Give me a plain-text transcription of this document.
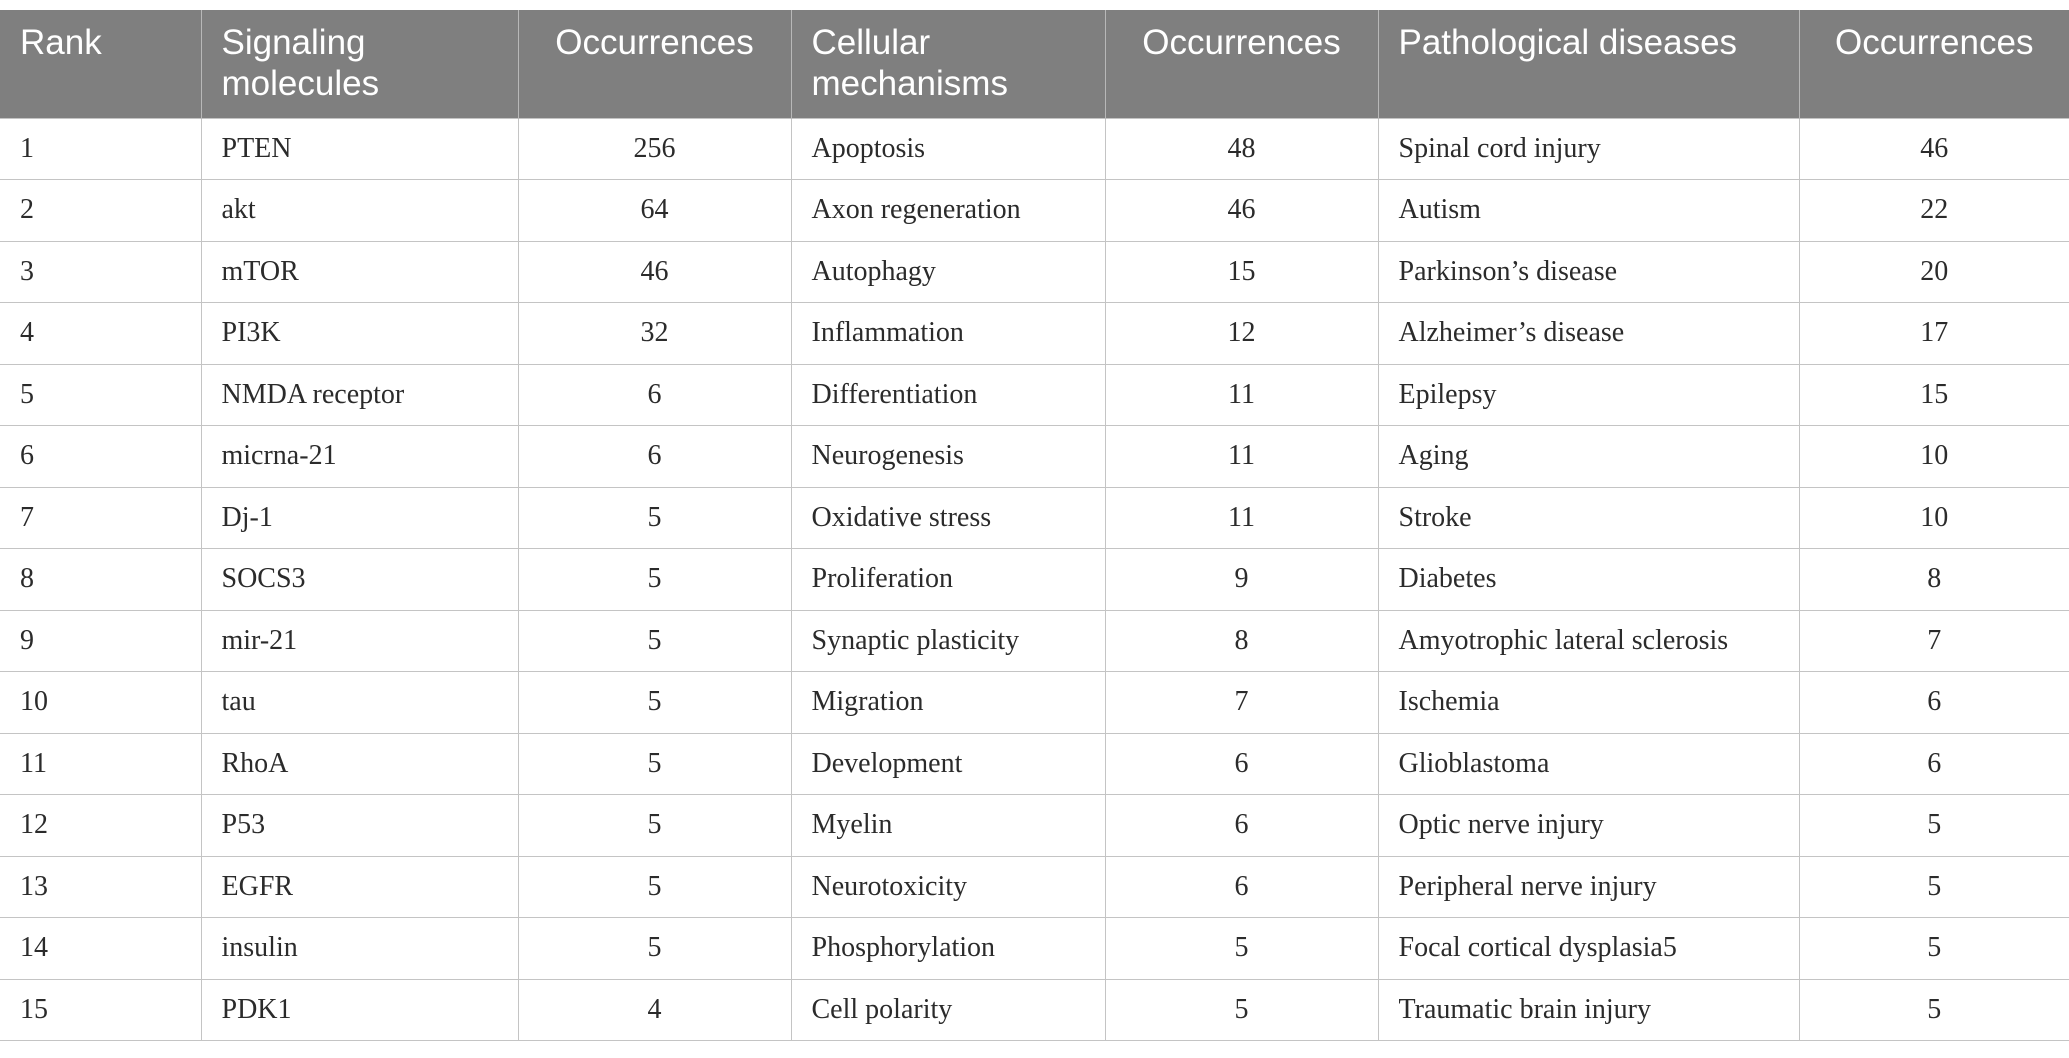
Rank	Signaling molecules	Occurrences	Cellular mechanisms	Occurrences	Pathological diseases	Occurrences
1	PTEN	256	Apoptosis	48	Spinal cord injury	46
2	akt	64	Axon regeneration	46	Autism	22
3	mTOR	46	Autophagy	15	Parkinson’s disease	20
4	PI3K	32	Inflammation	12	Alzheimer’s disease	17
5	NMDA receptor	6	Differentiation	11	Epilepsy	15
6	micrna-21	6	Neurogenesis	11	Aging	10
7	Dj-1	5	Oxidative stress	11	Stroke	10
8	SOCS3	5	Proliferation	9	Diabetes	8
9	mir-21	5	Synaptic plasticity	8	Amyotrophic lateral sclerosis	7
10	tau	5	Migration	7	Ischemia	6
11	RhoA	5	Development	6	Glioblastoma	6
12	P53	5	Myelin	6	Optic nerve injury	5
13	EGFR	5	Neurotoxicity	6	Peripheral nerve injury	5
14	insulin	5	Phosphorylation	5	Focal cortical dysplasia5	5
15	PDK1	4	Cell polarity	5	Traumatic brain injury	5
